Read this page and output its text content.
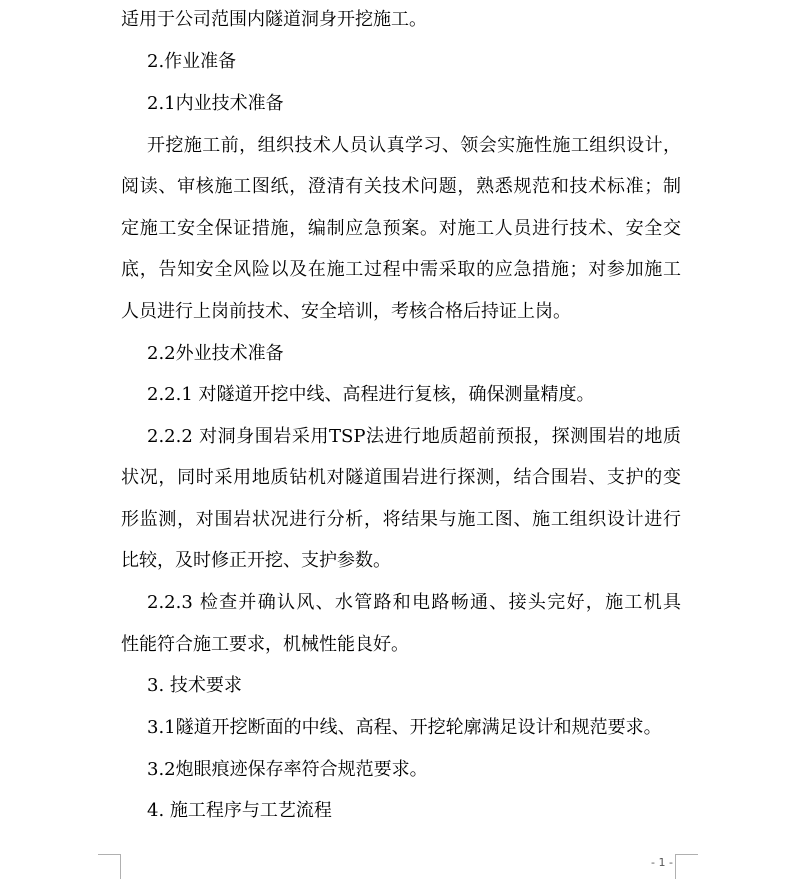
适用于公司范围内隧道洞身开挖施工。
2.作业准备
2.1内业技术准备
开挖施工前，组织技术人员认真学习、领会实施性施工组织设计，
阅读、审核施工图纸，澄清有关技术问题，熟悉规范和技术标准；制
定施工安全保证措施，编制应急预案。对施工人员进行技术、安全交
底，告知安全风险以及在施工过程中需采取的应急措施；对参加施工
人员进行上岗前技术、安全培训，考核合格后持证上岗。
2.2外业技术准备
2.2.1 对隧道开挖中线、高程进行复核，确保测量精度。
2.2.2 对洞身围岩采用TSP法进行地质超前预报，探测围岩的地质
状况，同时采用地质钻机对隧道围岩进行探测，结合围岩、支护的变
形监测，对围岩状况进行分析，将结果与施工图、施工组织设计进行
比较，及时修正开挖、支护参数。
2.2.3 检查并确认风、水管路和电路畅通、接头完好，施工机具
性能符合施工要求，机械性能良好。
3. 技术要求
3.1隧道开挖断面的中线、高程、开挖轮廓满足设计和规范要求。
3.2炮眼痕迹保存率符合规范要求。
4. 施工程序与工艺流程
- 1 -
